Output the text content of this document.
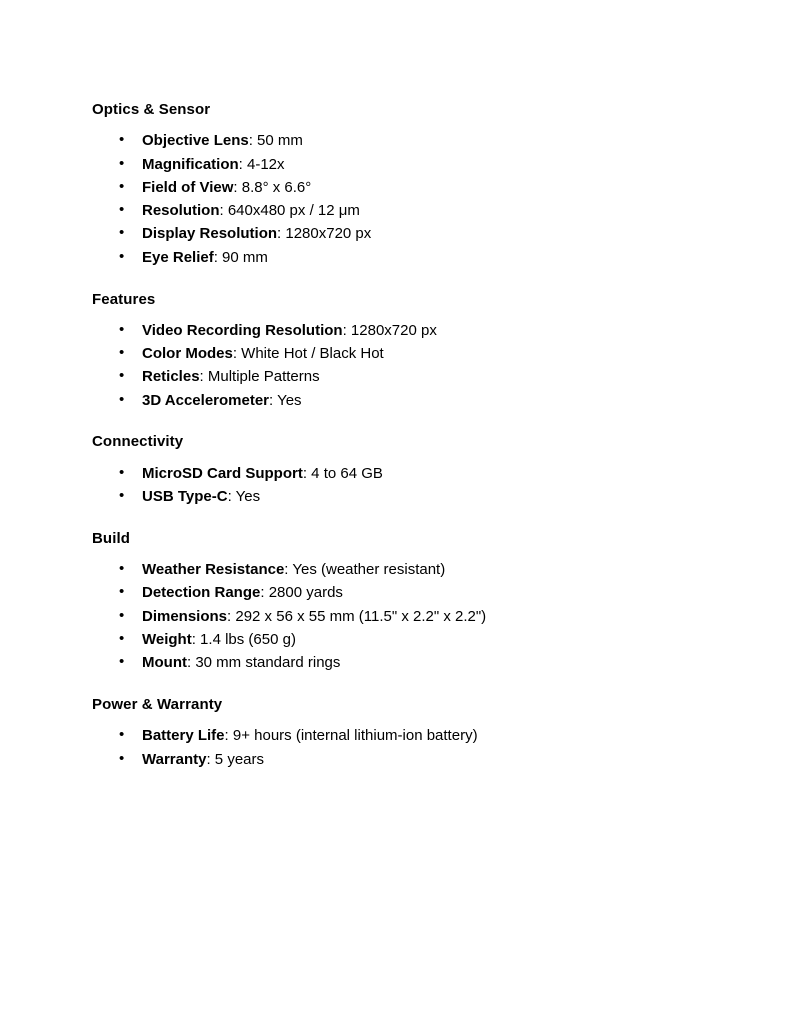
Optics & Sensor
• Objective Lens: 50 mm
• Magnification: 4-12x
• Field of View: 8.8° x 6.6°
• Resolution: 640x480 px / 12 μm
• Display Resolution: 1280x720 px
• Eye Relief: 90 mm
Features
• Video Recording Resolution: 1280x720 px
• Color Modes: White Hot / Black Hot
• Reticles: Multiple Patterns
• 3D Accelerometer: Yes
Connectivity
• MicroSD Card Support: 4 to 64 GB
• USB Type-C: Yes
Build
• Weather Resistance: Yes (weather resistant)
• Detection Range: 2800 yards
• Dimensions: 292 x 56 x 55 mm (11.5" x 2.2" x 2.2")
• Weight: 1.4 lbs (650 g)
• Mount: 30 mm standard rings
Power & Warranty
• Battery Life: 9+ hours (internal lithium-ion battery)
• Warranty: 5 years
